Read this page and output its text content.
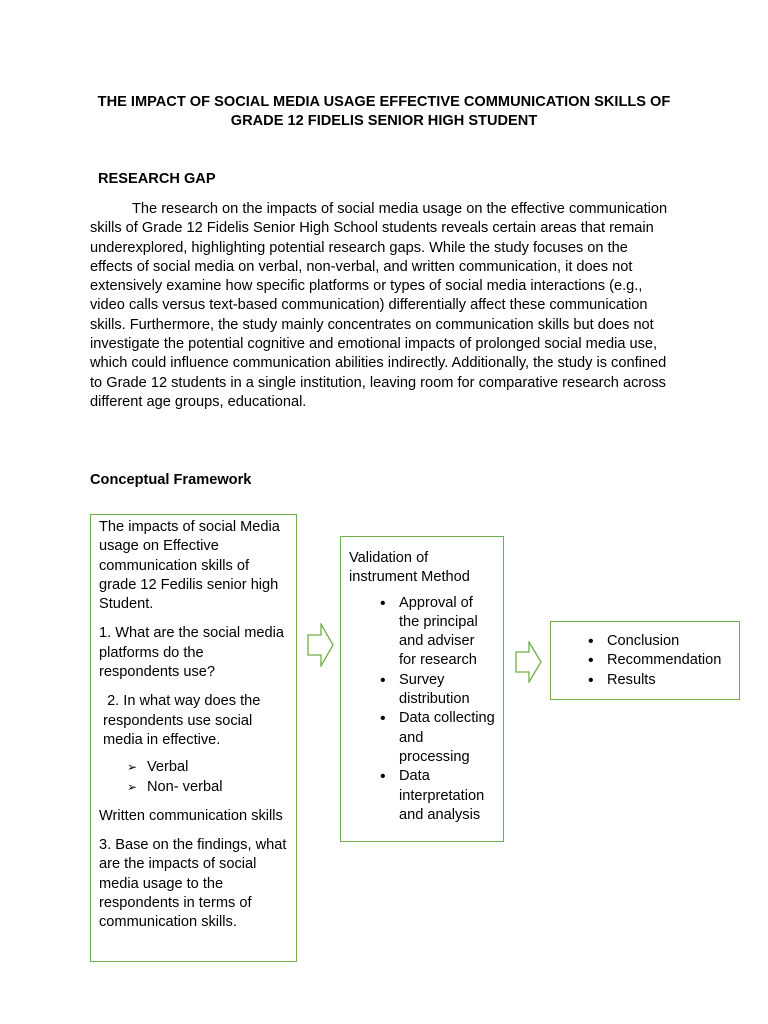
THE IMPACT OF SOCIAL MEDIA USAGE EFFECTIVE COMMUNICATION SKILLS OF GRADE 12 FIDELIS SENIOR HIGH STUDENT
RESEARCH GAP

The research on the impacts of social media usage on the effective communication skills of Grade 12 Fidelis Senior High School students reveals certain areas that remain underexplored, highlighting potential research gaps. While the study focuses on the effects of social media on verbal, non-verbal, and written communication, it does not extensively examine how specific platforms or types of social media interactions (e.g., video calls versus text-based communication) differentially affect these communication skills. Furthermore, the study mainly concentrates on communication skills but does not investigate the potential cognitive and emotional impacts of prolonged social media use, which could influence communication abilities indirectly. Additionally, the study is confined to Grade 12 students in a single institution, leaving room for comparative research across different age groups, educational.

Conceptual Framework

The impacts of social Media usage on Effective communication skills of grade 12 Fedilis senior high Student.

1. What are the social media platforms do the respondents use?

2. In what way does the respondents use social media in effective.

➢ Verbal
➢ Non- verbal

Written communication skills

3. Base on the findings, what are the impacts of social media usage to the respondents in terms of communication skills.

Validation of instrument Method
• Approval of the principal and adviser for research
• Survey distribution
• Data collecting and processing
• Data interpretation and analysis
• Conclusion
• Recommendation
• Results
